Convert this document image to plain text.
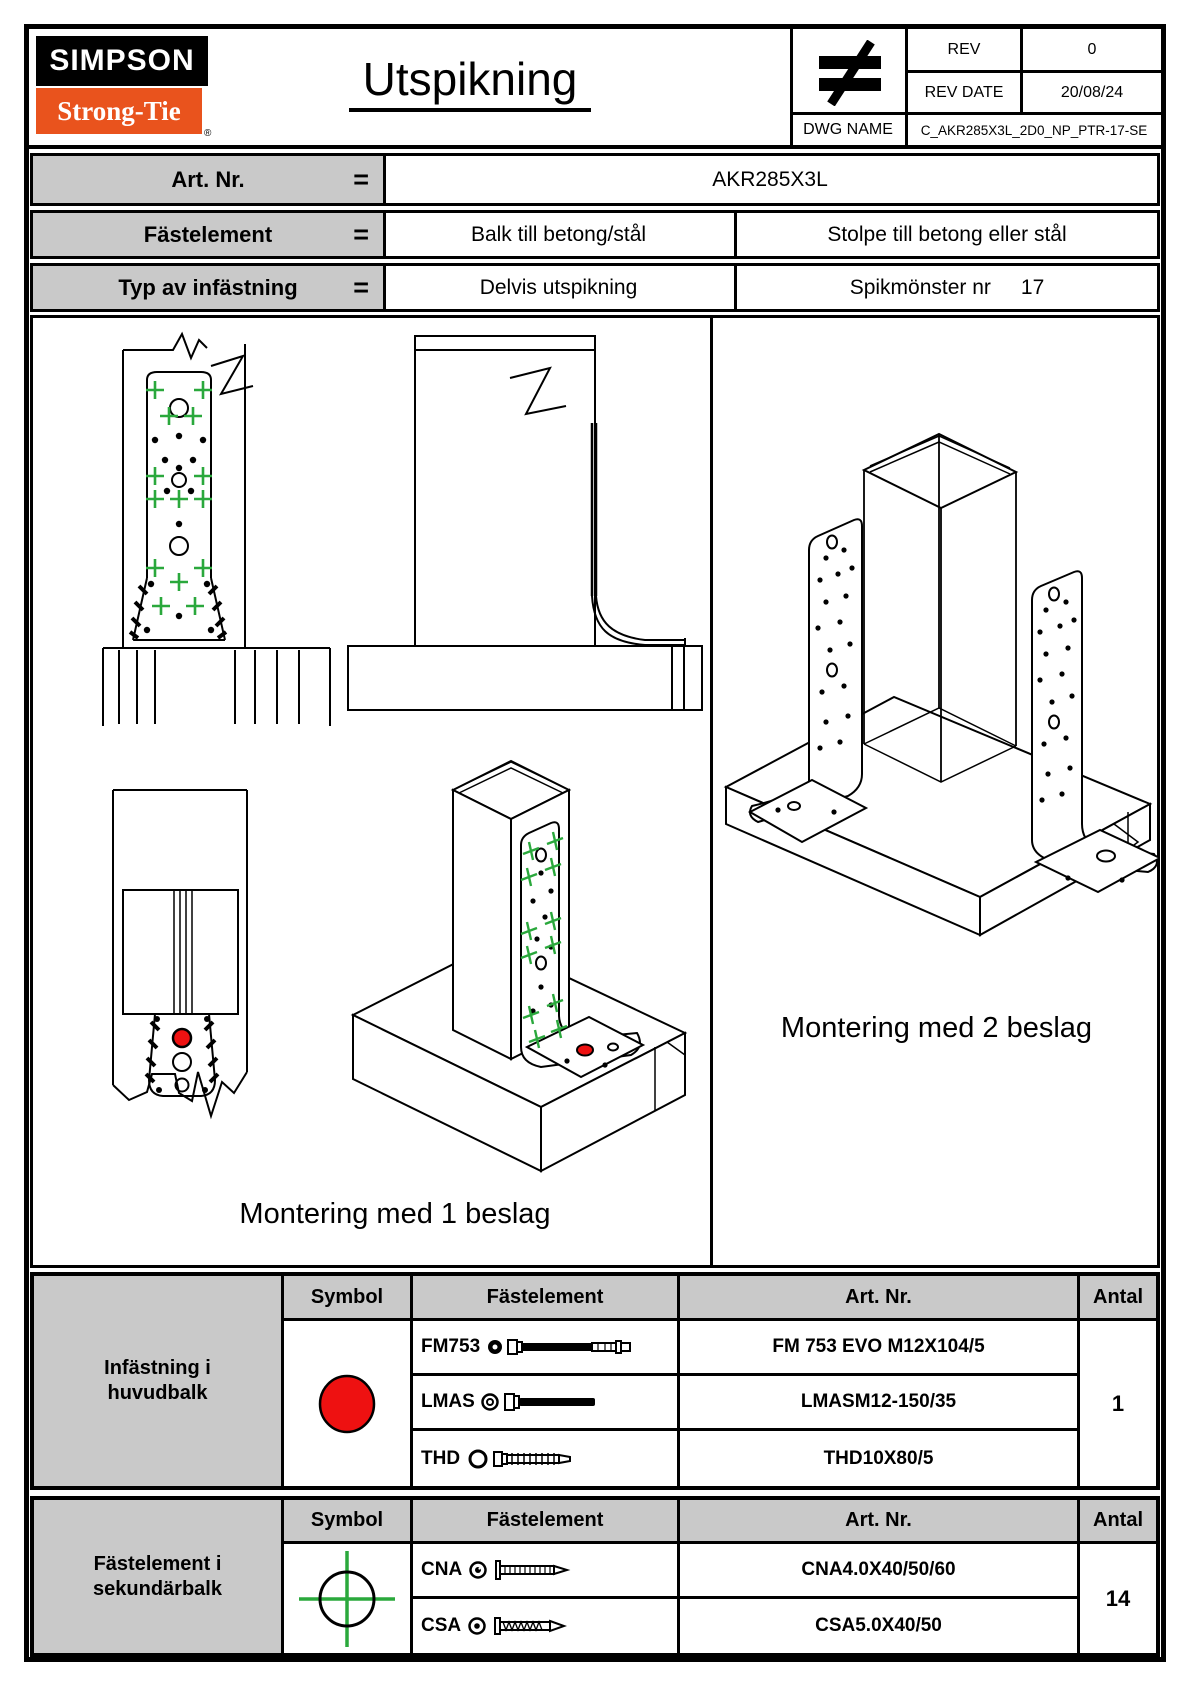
SIMPSON
Strong-Tie
®
Utspikning
REV	0
REV DATE	20/08/24
DWG NAME	C_AKR285X3L_2D0_NP_PTR-17-SE
Art. Nr.	=	AKR285X3L
Fästelement	=	Balk till betong/stål	Stolpe till betong eller stål
Typ av infästning =	Delvis utspikning	Spikmönster nr 17
Montering med 1 beslag
Montering med 2 beslag
Infästning i
huvudbalk
Symbol	Fästelement	Art. Nr.	Antal
FM753	FM 753 EVO M12X104/5
LMAS	LMASM12-150/35
THD	THD10X80/5
1
Fästelement i
sekundärbalk
Symbol	Fästelement	Art. Nr.	Antal
CNA	CNA4.0X40/50/60
CSA	CSA5.0X40/50
14
